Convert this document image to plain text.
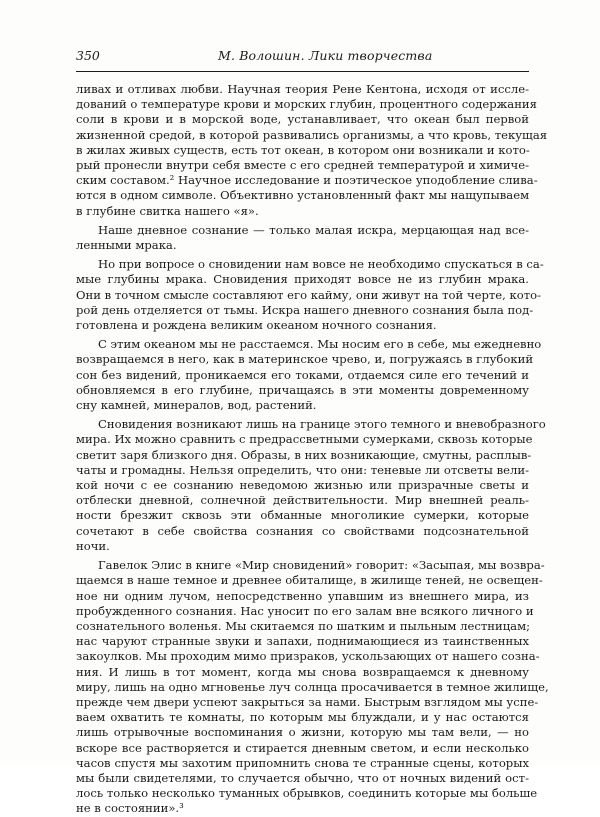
350	М. Волошин. Лики творчества

ливах и отливах любви. Научная теория Рене Кентона, исходя от иссле-
дований о температуре крови и морских глубин, процентного содержания
соли в крови и в морской воде, устанавливает, что океан был первой
жизненной средой, в которой развивались организмы, а что кровь, текущая
в жилах живых существ, есть тот океан, в котором они возникали и кото-
рый пронесли внутри себя вместе с его средней температурой и химиче-
ским составом.² Научное исследование и поэтическое уподобление слива-
ются в одном символе. Объективно установленный факт мы нащупываем
в глубине свитка нашего «я».

Наше дневное сознание — только малая искра, мерцающая над все-
ленными мрака.

Но при вопросе о сновидении нам вовсе не необходимо спускаться в са-
мые глубины мрака. Сновидения приходят вовсе не из глубин мрака.
Они в точном смысле составляют его кайму, они живут на той черте, кото-
рой день отделяется от тьмы. Искра нашего дневного сознания была под-
готовлена и рождена великим океаном ночного сознания.

С этим океаном мы не расстаемся. Мы носим его в себе, мы ежедневно
возвращаемся в него, как в материнское чрево, и, погружаясь в глубокий
сон без видений, проникаемся его токами, отдаемся силе его течений и
обновляемся в его глубине, причащаясь в эти моменты довременному
сну камней, минералов, вод, растений.

Сновидения возникают лишь на границе этого темного и вневобразного
мира. Их можно сравнить с предрассветными сумерками, сквозь которые
светит заря близкого дня. Образы, в них возникающие, смутны, расплыв-
чаты и громадны. Нельзя определить, что они: теневые ли отсветы вели-
кой ночи с ее сознанию неведомою жизнью или призрачные светы и
отблески дневной, солнечной действительности. Мир внешней реаль-
ности брезжит сквозь эти обманные многоликие сумерки, которые
сочетают в себе свойства сознания со свойствами подсознательной
ночи.

Гавелок Элис в книге «Мир сновидений» говорит: «Засыпая, мы возвра-
щаемся в наше темное и древнее обиталище, в жилище теней, не освещен-
ное ни одним лучом, непосредственно упавшим из внешнего мира, из
пробужденного сознания. Нас уносит по его залам вне всякого личного и
сознательного воленья. Мы скитаемся по шатким и пыльным лестницам;
нас чаруют странные звуки и запахи, поднимающиеся из таинственных
закоулков. Мы проходим мимо призраков, ускользающих от нашего созна-
ния. И лишь в тот момент, когда мы снова возвращаемся к дневному
миру, лишь на одно мгновенье луч солнца просачивается в темное жилище,
прежде чем двери успеют закрыться за нами. Быстрым взглядом мы успе-
ваем охватить те комнаты, по которым мы блуждали, и у нас остаются
лишь отрывочные воспоминания о жизни, которую мы там вели, — но
вскоре все растворяется и стирается дневным светом, и если несколько
часов спустя мы захотим припомнить снова те странные сцены, которых
мы были свидетелями, то случается обычно, что от ночных видений ост-
лось только несколько туманных обрывков, соединить которые мы больше
не в состоянии».³
